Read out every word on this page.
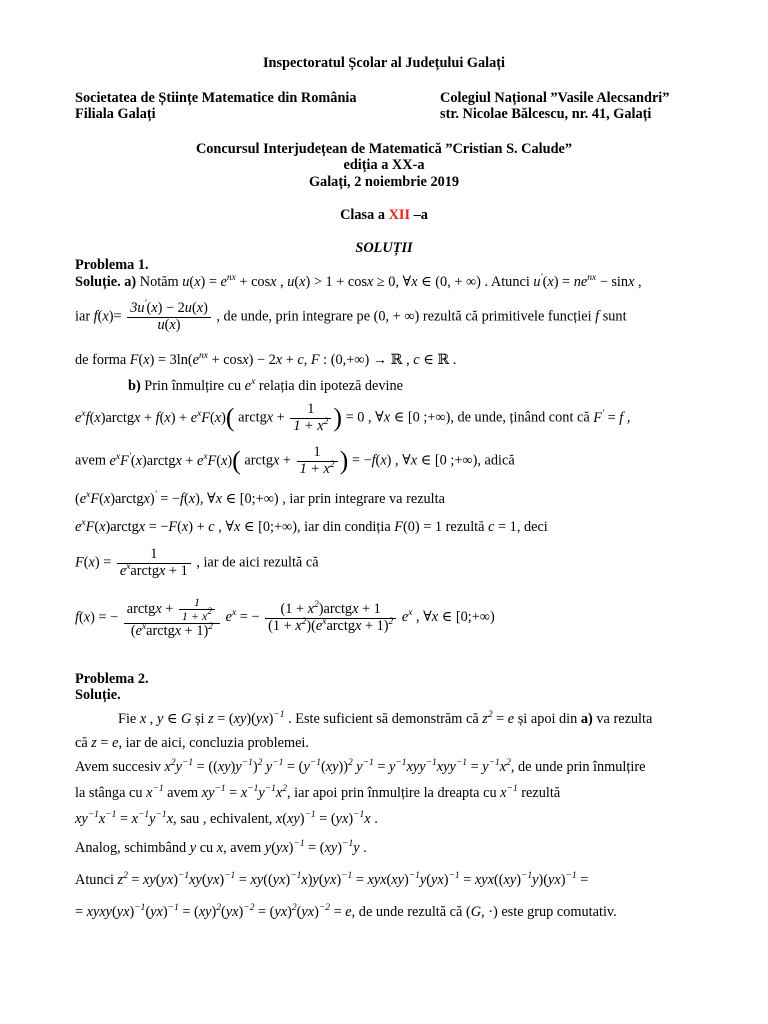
Inspectoratul Școlar al Județului Galați
Societatea de Științe Matematice din România
Filiala Galați
Colegiul Național ”Vasile Alecsandri”
str. Nicolae Bălcescu, nr. 41, Galați
Concursul Interjudețean de Matematică ”Cristian S. Calude”
ediția a XX-a
Galați, 2 noiembrie 2019
Clasa a XII –a
SOLUȚII
Problema 1.
Soluție. a) Notăm $u(x) = e^{nx} + \cos x$ , u(x) > 1 + cosx ≥ 0, ∀x ∈ (0, + ∞) . Atunci $u'(x) = ne^{nx} - \sin x$ ,
iar $f(x)= \frac{3u'(x) - 2u(x)}{u(x)}$ , de unde, prin integrare pe (0, + ∞) rezultă că primitivele funcției f sunt
de forma $F(x) = 3\ln(e^{nx} + \cos x) - 2x + c$, F : (0,+∞) → ℝ , c ∈ ℝ .
b) Prin înmulțire cu $e^x$ relația din ipoteză devine
$e^xf(x)arctgx + f(x) + e^xF(x)$( arctgx + $\frac{1}{1 + x^2}$ ) = 0 , ∀x ∈ [0 ;+∞), de unde, ținând cont că F' = f ,
avem $e^xF'(x)arctgx + e^xF(x)$( arctgx + $\frac{1}{1 + x^2}$ ) = −f(x) , ∀x ∈ [0 ;+∞), adică
$(e^xF(x)arctgx)' = -f(x)$, ∀x ∈ [0;+∞) , iar prin integrare va rezulta
$e^xF(x)arctgx = -F(x) + c$ , ∀x ∈ [0;+∞), iar din condiția F(0) = 1 rezultă c = 1, deci
$F(x) = \frac{1}{e^xarctgx + 1}$ , iar de aici rezultă că
f(x) = − $\frac{arctgx + \frac{1}{1 + x^2}}{(e^xarctgx + 1)^2} e^x$ = − $\frac{(1 + x^2)arctgx + 1}{(1 + x^2)(e^xarctgx + 1)^2} e^x$ , ∀x ∈ [0;+∞)
Problema 2.
Soluție.
Fie x , y ∈ G și z = (xy)(yx)$^{-1}$ . Este suficient să demonstrăm că $z^2 = e$ și apoi din a) va rezulta
că z = e, iar de aici, concluzia problemei.
Avem succesiv $x^2y^{-1} = ((xy)y^{-1})^2$ $y^{-1} = (y^{-1}(xy))^2$ $y^{-1} = y^{-1}xyy^{-1}xyy^{-1} = y^{-1}x^2$, de unde prin înmulțire
la stânga cu $x^{-1}$ avem $xy^{-1} = x^{-1}y^{-1}x^2$, iar apoi prin înmulțire la dreapta cu $x^{-1}$ rezultă
$xy^{-1}x^{-1} = x^{-1}y^{-1}x$, sau , echivalent, x(xy)$^{-1}$ = (yx)$^{-1}$x .
Analog, schimbând y cu x, avem y(yx)$^{-1}$ = (xy)$^{-1}$y .
Atunci $z^2 = xy(yx)^{-1}xy(yx)^{-1} = xy((yx)^{-1}x)y(yx)^{-1} = xyx(xy)^{-1}y(yx)^{-1} = xyx((xy)^{-1}y)(yx)^{-1}$ =
= xyxy(yx)$^{-1}$(yx)$^{-1}$ = (xy)$^2$(yx)$^{-2}$ = (yx)$^2$(yx)$^{-2}$ = e, de unde rezultă că (G, ·) este grup comutativ.
